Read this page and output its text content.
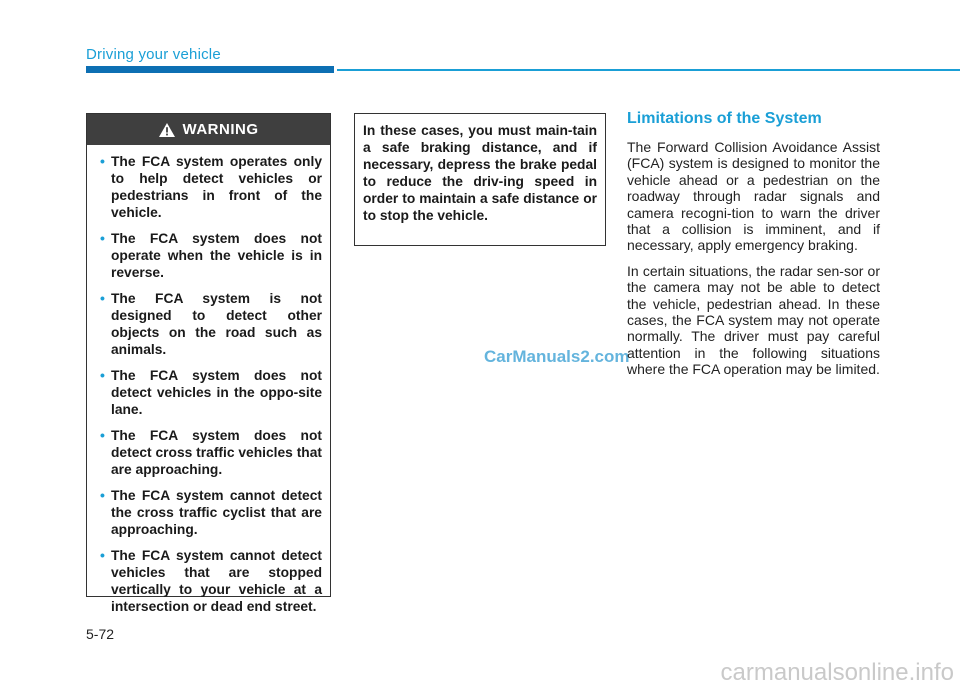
Driving your vehicle
WARNING
• The FCA system operates only to help detect vehicles or pedestrians in front of the vehicle.
• The FCA system does not operate when the vehicle is in reverse.
• The FCA system is not designed to detect other objects on the road such as animals.
• The FCA system does not detect vehicles in the oppo-site lane.
• The FCA system does not detect cross traffic vehicles that are approaching.
• The FCA system cannot detect the cross traffic cyclist that are approaching.
• The FCA system cannot detect vehicles that are stopped vertically to your vehicle at a intersection or dead end street.
In these cases, you must main-tain a safe braking distance, and if necessary, depress the brake pedal to reduce the driv-ing speed in order to maintain a safe distance or to stop the vehicle.
CarManuals2.com
Limitations of the System

The Forward Collision Avoidance Assist (FCA) system is designed to monitor the vehicle ahead or a pedestrian on the roadway through radar signals and camera recogni-tion to warn the driver that a collision is imminent, and if necessary, apply emergency braking.

In certain situations, the radar sen-sor or the camera may not be able to detect the vehicle, pedestrian ahead. In these cases, the FCA system may not operate normally. The driver must pay careful attention in the following situations where the FCA operation may be limited.

5-72
carmanualsonline.info
